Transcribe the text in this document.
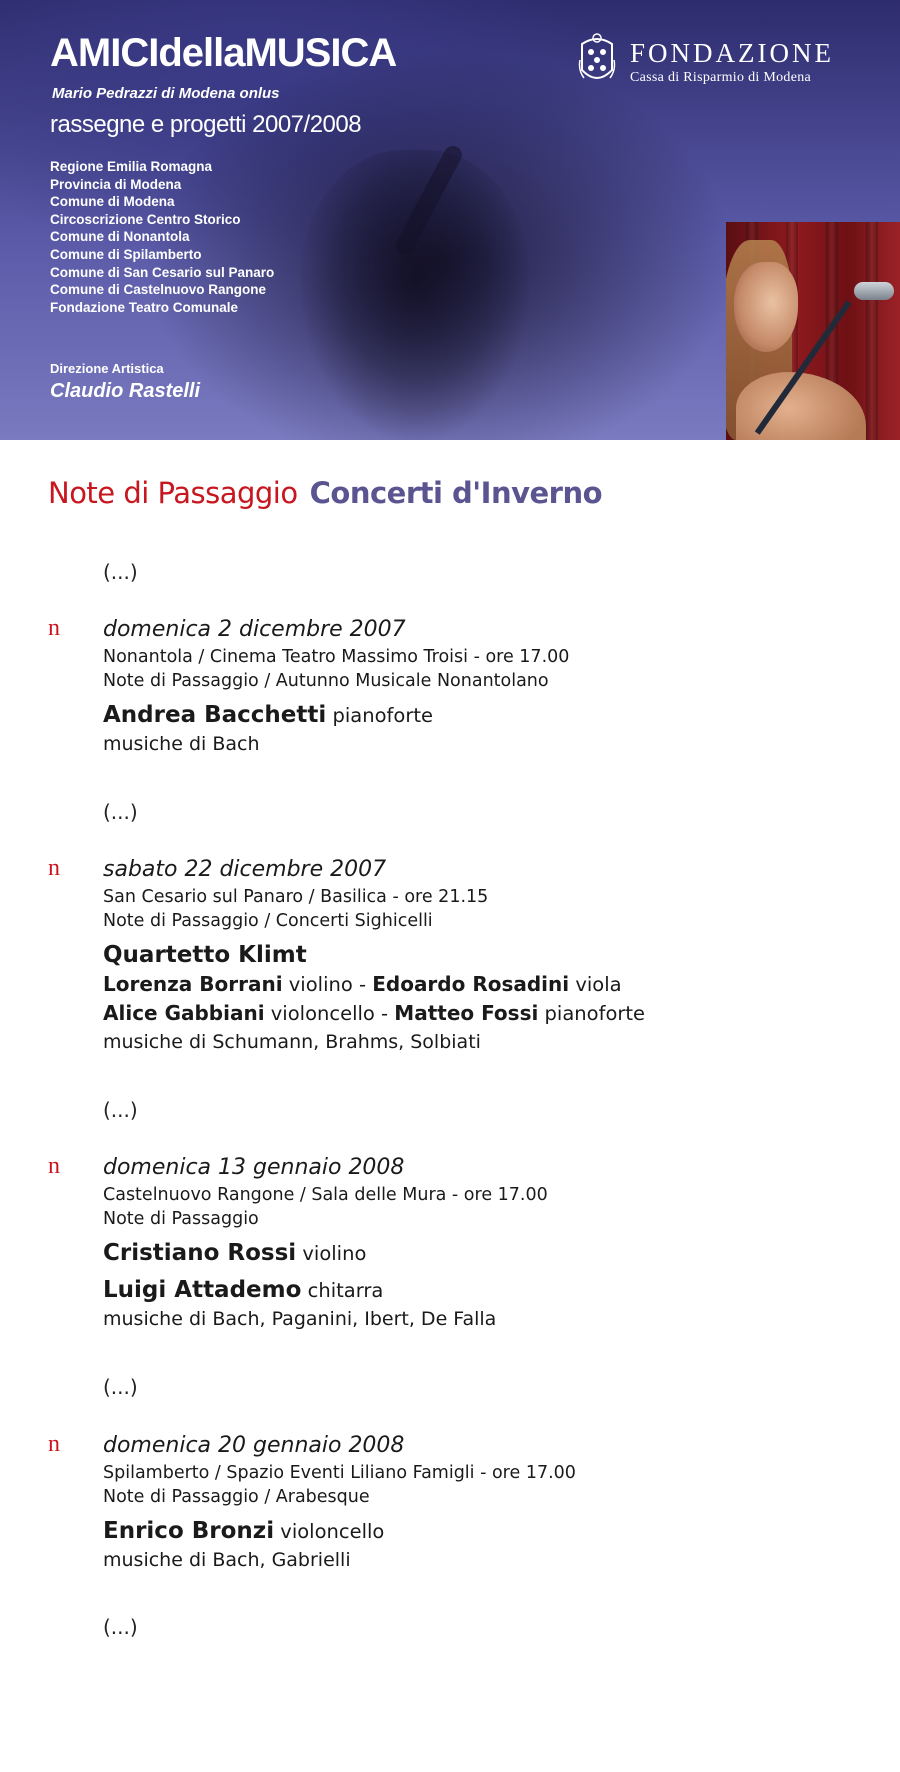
AMICIdellaMUSICA
Mario Pedrazzi di Modena onlus
rassegne e progetti 2007/2008
Regione Emilia Romagna
Provincia di Modena
Comune di Modena
Circoscrizione Centro Storico
Comune di Nonantola
Comune di Spilamberto
Comune di San Cesario sul Panaro
Comune di Castelnuovo Rangone
Fondazione Teatro Comunale
Direzione Artistica
Claudio Rastelli
FONDAZIONE
Cassa di Risparmio di Modena
Note di Passaggio Concerti d'Inverno
(...)
n domenica 2 dicembre 2007
Nonantola / Cinema Teatro Massimo Troisi - ore 17.00
Note di Passaggio / Autunno Musicale Nonantolano
Andrea Bacchetti pianoforte
musiche di Bach
(...)
n sabato 22 dicembre 2007
San Cesario sul Panaro / Basilica - ore 21.15
Note di Passaggio / Concerti Sighicelli
Quartetto Klimt
Lorenza Borrani violino - Edoardo Rosadini viola
Alice Gabbiani violoncello - Matteo Fossi pianoforte
musiche di Schumann, Brahms, Solbiati
(...)
n domenica 13 gennaio 2008
Castelnuovo Rangone / Sala delle Mura - ore 17.00
Note di Passaggio
Cristiano Rossi violino
Luigi Attademo chitarra
musiche di Bach, Paganini, Ibert, De Falla
(...)
n domenica 20 gennaio 2008
Spilamberto / Spazio Eventi Liliano Famigli - ore 17.00
Note di Passaggio / Arabesque
Enrico Bronzi violoncello
musiche di Bach, Gabrielli
(...)
